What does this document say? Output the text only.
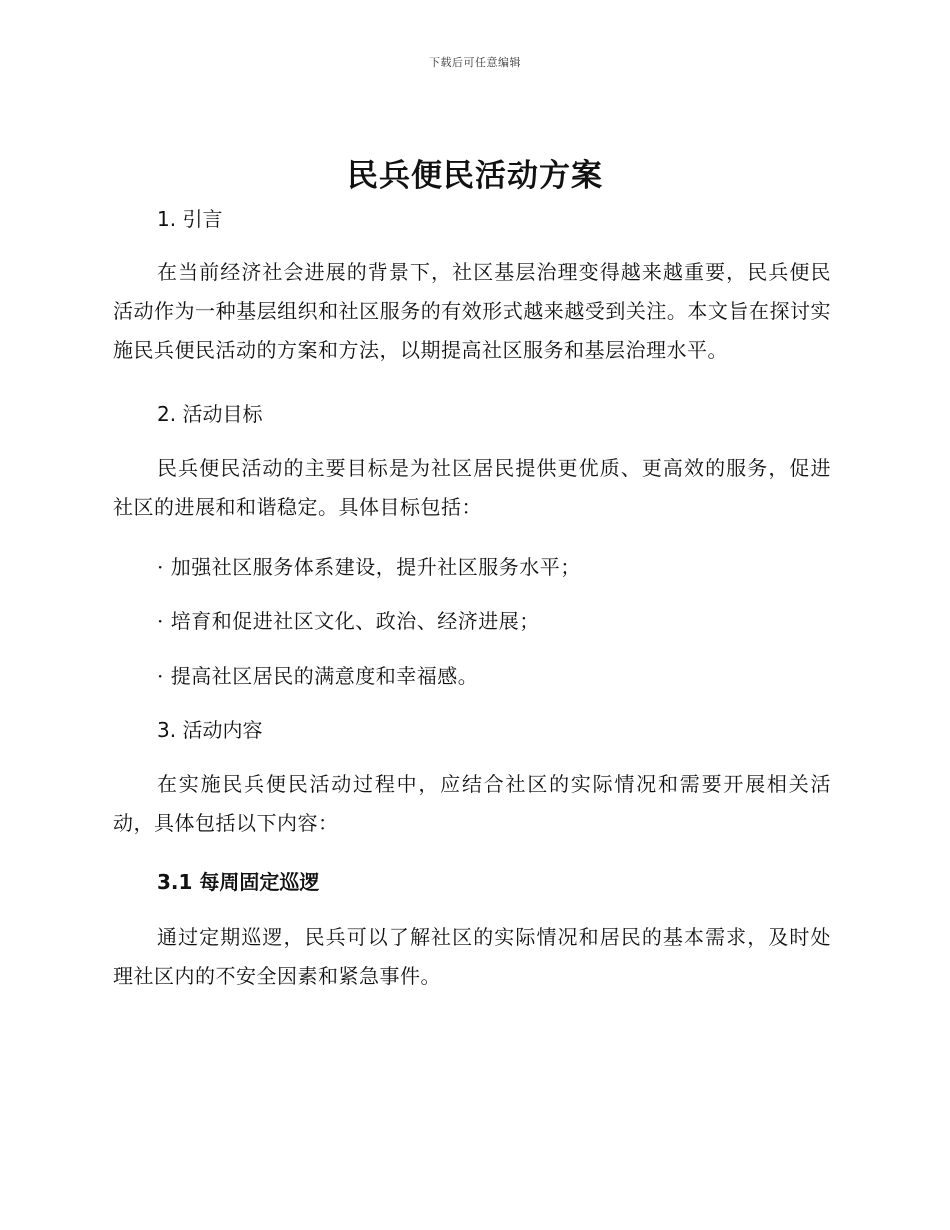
下载后可任意编辑
民兵便民活动方案

1. 引言

在当前经济社会进展的背景下，社区基层治理变得越来越重要，民兵便民活动作为一种基层组织和社区服务的有效形式越来越受到关注。本文旨在探讨实施民兵便民活动的方案和方法，以期提高社区服务和基层治理水平。

2. 活动目标

民兵便民活动的主要目标是为社区居民提供更优质、更高效的服务，促进社区的进展和和谐稳定。具体目标包括：

· 加强社区服务体系建设，提升社区服务水平；

· 培育和促进社区文化、政治、经济进展；

· 提高社区居民的满意度和幸福感。

3. 活动内容

在实施民兵便民活动过程中，应结合社区的实际情况和需要开展相关活动，具体包括以下内容：

3.1 每周固定巡逻

通过定期巡逻，民兵可以了解社区的实际情况和居民的基本需求，及时处理社区内的不安全因素和紧急事件。
